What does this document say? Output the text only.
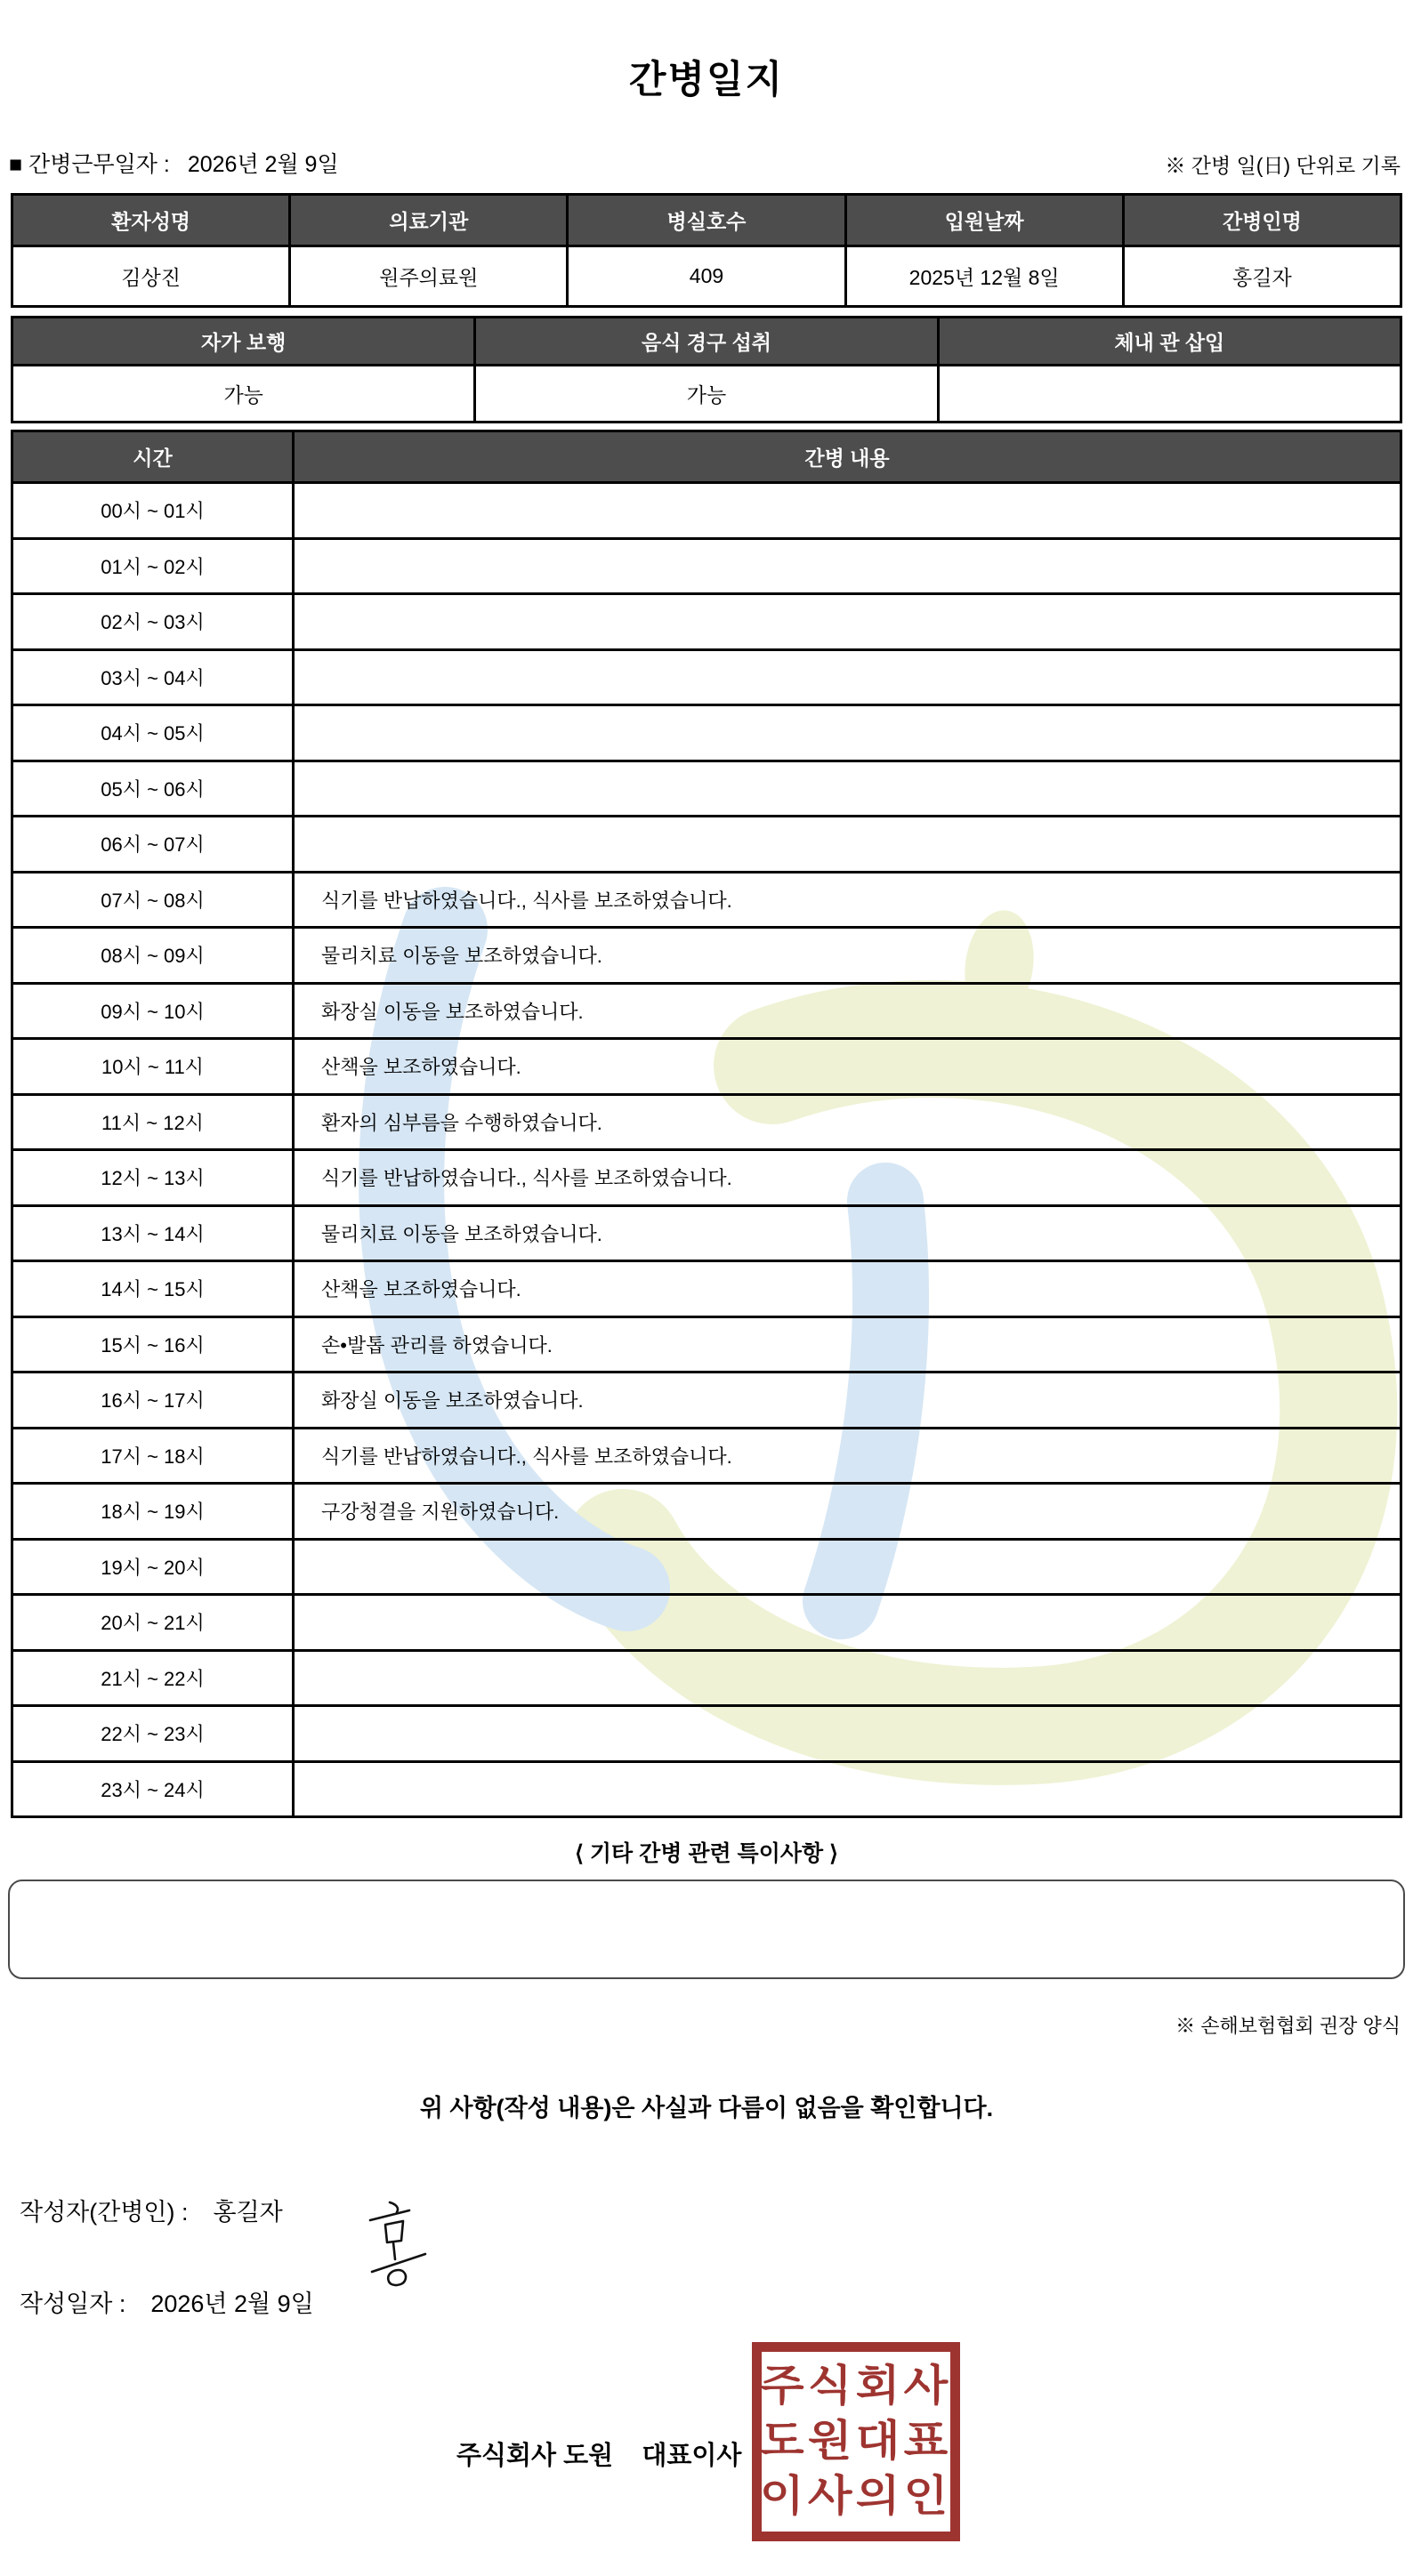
간병일지
■ 간병근무일자 : 2026년 2월 9일	※ 간병 일(日) 단위로 기록
환자성명	의료기관	병실호수	입원날짜	간병인명
김상진	원주의료원	409	2025년 12월 8일	홍길자
자가 보행	음식 경구 섭취	체내 관 삽입
가능	가능	
시간	간병 내용
00시 ~ 01시	
01시 ~ 02시	
02시 ~ 03시	
03시 ~ 04시	
04시 ~ 05시	
05시 ~ 06시	
06시 ~ 07시	
07시 ~ 08시	식기를 반납하였습니다., 식사를 보조하였습니다.
08시 ~ 09시	물리치료 이동을 보조하였습니다.
09시 ~ 10시	화장실 이동을 보조하였습니다.
10시 ~ 11시	산책을 보조하였습니다.
11시 ~ 12시	환자의 심부름을 수행하였습니다.
12시 ~ 13시	식기를 반납하였습니다., 식사를 보조하였습니다.
13시 ~ 14시	물리치료 이동을 보조하였습니다.
14시 ~ 15시	산책을 보조하였습니다.
15시 ~ 16시	손•발톱 관리를 하였습니다.
16시 ~ 17시	화장실 이동을 보조하였습니다.
17시 ~ 18시	식기를 반납하였습니다., 식사를 보조하였습니다.
18시 ~ 19시	구강청결을 지원하였습니다.
19시 ~ 20시	
20시 ~ 21시	
21시 ~ 22시	
22시 ~ 23시	
23시 ~ 24시	
⟨ 기타 간병 관련 특이사항 ⟩
※ 손해보험협회 권장 양식
위 사항(작성 내용)은 사실과 다름이 없음을 확인합니다.
작성자(간병인) : 홍길자
작성일자 : 2026년 2월 9일
주식회사 도원    대표이사
주식회사
도원대표
이사의인
